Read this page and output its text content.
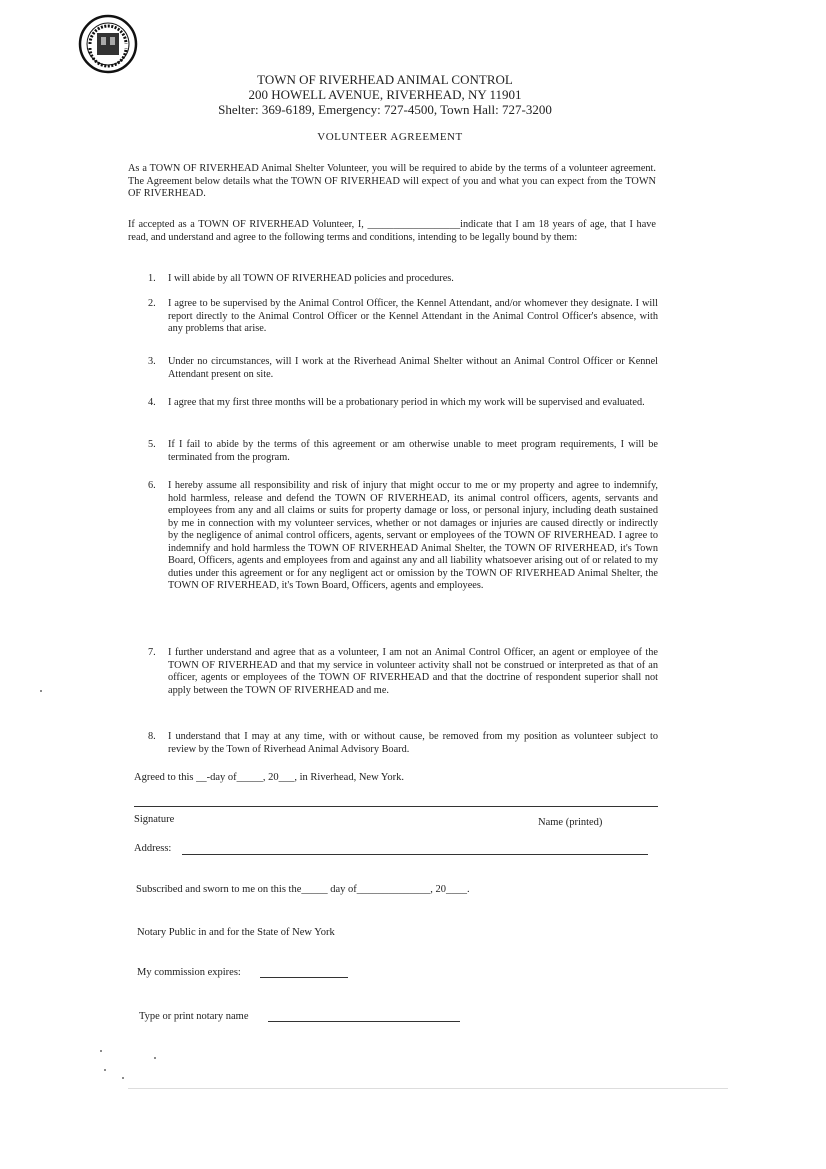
TOWN OF RIVERHEAD ANIMAL CONTROL
200 HOWELL AVENUE, RIVERHEAD, NY 11901
Shelter: 369-6189, Emergency: 727-4500, Town Hall: 727-3200
VOLUNTEER AGREEMENT
As a TOWN OF RIVERHEAD Animal Shelter Volunteer, you will be required to abide by the terms of a volunteer agreement. The Agreement below details what the TOWN OF RIVERHEAD will expect of you and what you can expect from the TOWN OF RIVERHEAD.
If accepted as a TOWN OF RIVERHEAD Volunteer, I, __________________indicate that I am 18 years of age, that I have read, and understand and agree to the following terms and conditions, intending to be legally bound by them:
1.	I will abide by all TOWN OF RIVERHEAD policies and procedures.
2.	I agree to be supervised by the Animal Control Officer, the Kennel Attendant, and/or whomever they designate. I will report directly to the Animal Control Officer or the Kennel Attendant in the Animal Control Officer's absence, with any problems that arise.
3.	Under no circumstances, will I work at the Riverhead Animal Shelter without an Animal Control Officer or Kennel Attendant present on site.
4.	I agree that my first three months will be a probationary period in which my work will be supervised and evaluated.
5.	If I fail to abide by the terms of this agreement or am otherwise unable to meet program requirements, I will be terminated from the program.
6.	I hereby assume all responsibility and risk of injury that might occur to me or my property and agree to indemnify, hold harmless, release and defend the TOWN OF RIVERHEAD, its animal control officers, agents, servants and employees from any and all claims or suits for property damage or loss, or personal injury, including death sustained by me in connection with my volunteer services, whether or not damages or injuries are caused directly or indirectly by the negligence of animal control officers, agents, servant or employees of the TOWN OF RIVERHEAD. I agree to indemnify and hold harmless the TOWN OF RIVERHEAD Animal Shelter, the TOWN OF RIVERHEAD, it's Town Board, Officers, agents and employees from and against any and all liability whatsoever arising out of or related to my duties under this agreement or for any negligent act or omission by the TOWN OF RIVERHEAD Animal Shelter, the TOWN OF RIVERHEAD, it's Town Board, Officers, agents and employees.
7.	I further understand and agree that as a volunteer, I am not an Animal Control Officer, an agent or employee of the TOWN OF RIVERHEAD and that my service in volunteer activity shall not be construed or interpreted as that of an officer, agents or employees of the TOWN OF RIVERHEAD and that the doctrine of respondent superior shall not apply between the TOWN OF RIVERHEAD and me.
8.	I understand that I may at any time, with or without cause, be removed from my position as volunteer subject to review by the Town of Riverhead Animal Advisory Board.
Agreed to this __-day of_____, 20___, in Riverhead, New York.
Signature	Name (printed)
Address:
Subscribed and sworn to me on this the_____ day of______________, 20____.
Notary Public in and for the State of New York
My commission expires:
Type or print notary name
